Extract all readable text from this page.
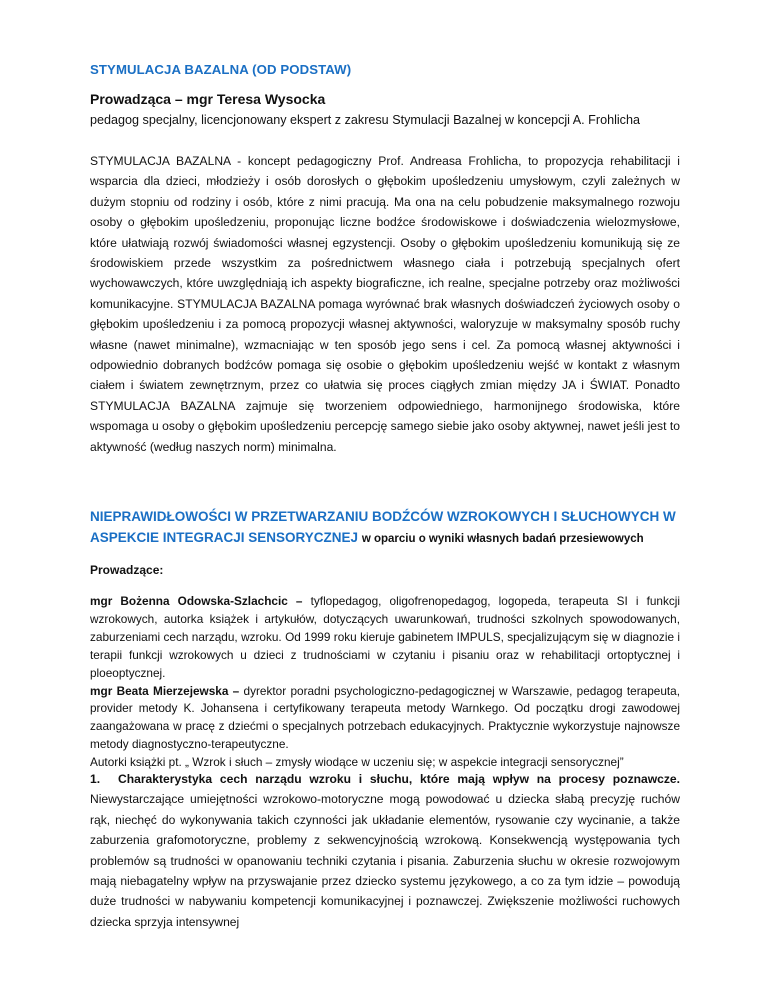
STYMULACJA BAZALNA (OD PODSTAW)
Prowadząca – mgr Teresa Wysocka
pedagog specjalny, licencjonowany ekspert z zakresu Stymulacji Bazalnej w koncepcji A. Frohlicha
STYMULACJA BAZALNA - koncept pedagogiczny Prof. Andreasa Frohlicha, to propozycja rehabilitacji i wsparcia dla dzieci, młodzieży i osób dorosłych o głębokim upośledzeniu umysłowym, czyli zależnych w dużym stopniu od rodziny i osób, które z nimi pracują. Ma ona na celu pobudzenie maksymalnego rozwoju osoby o głębokim upośledzeniu, proponując liczne bodźce środowiskowe i doświadczenia wielozmysłowe, które ułatwiają rozwój świadomości własnej egzystencji. Osoby o głębokim upośledzeniu komunikują się ze środowiskiem przede wszystkim za pośrednictwem własnego ciała i potrzebują specjalnych ofert wychowawczych, które uwzględniają ich aspekty biograficzne, ich realne, specjalne potrzeby oraz możliwości komunikacyjne. STYMULACJA BAZALNA pomaga wyrównać brak własnych doświadczeń życiowych osoby o głębokim upośledzeniu i za pomocą propozycji własnej aktywności, waloryzuje w maksymalny sposób ruchy własne (nawet minimalne), wzmacniając w ten sposób jego sens i cel. Za pomocą własnej aktywności i odpowiednio dobranych bodźców pomaga się osobie o głębokim upośledzeniu wejść w kontakt z własnym ciałem i światem zewnętrznym, przez co ułatwia się proces ciągłych zmian między JA i ŚWIAT. Ponadto STYMULACJA BAZALNA zajmuje się tworzeniem odpowiedniego, harmonijnego środowiska, które wspomaga u osoby o głębokim upośledzeniu percepcję samego siebie jako osoby aktywnej, nawet jeśli jest to aktywność (według naszych norm) minimalna.
NIEPRAWIDŁOWOŚCI W PRZETWARZANIU BODŹCÓW WZROKOWYCH I SŁUCHOWYCH W ASPEKCIE INTEGRACJI SENSORYCZNEJ w oparciu o wyniki własnych badań przesiewowych
Prowadzące:
mgr Bożenna Odowska-Szlachcic – tyflopedagog, oligofrenopedagog, logopeda, terapeuta SI i funkcji wzrokowych, autorka książek i artykułów, dotyczących uwarunkowań, trudności szkolnych spowodowanych, zaburzeniami cech narządu, wzroku. Od 1999 roku kieruje gabinetem IMPULS, specjalizującym się w diagnozie i terapii funkcji wzrokowych u dzieci z trudnościami w czytaniu i pisaniu oraz w rehabilitacji ortoptycznej i ploeoptycznej.
mgr Beata Mierzejewska – dyrektor poradni psychologiczno-pedagogicznej w Warszawie, pedagog terapeuta, provider metody K. Johansena i certyfikowany terapeuta metody Warnkego. Od początku drogi zawodowej zaangażowana w pracę z dziećmi o specjalnych potrzebach edukacyjnych. Praktycznie wykorzystuje najnowsze metody diagnostyczno-terapeutyczne.
Autorki książki pt. „ Wzrok i słuch – zmysły wiodące w uczeniu się; w aspekcie integracji sensorycznej”
1. Charakterystyka cech narządu wzroku i słuchu, które mają wpływ na procesy poznawcze. Niewystarczające umiejętności wzrokowo-motoryczne mogą powodować u dziecka słabą precyzję ruchów rąk, niechęć do wykonywania takich czynności jak układanie elementów, rysowanie czy wycinanie, a także zaburzenia grafomotoryczne, problemy z sekwencyjnością wzrokową. Konsekwencją występowania tych problemów są trudności w opanowaniu techniki czytania i pisania. Zaburzenia słuchu w okresie rozwojowym mają niebagatelny wpływ na przyswajanie przez dziecko systemu językowego, a co za tym idzie – powodują duże trudności w nabywaniu kompetencji komunikacyjnej i poznawczej. Zwiększenie możliwości ruchowych dziecka sprzyja intensywnej
